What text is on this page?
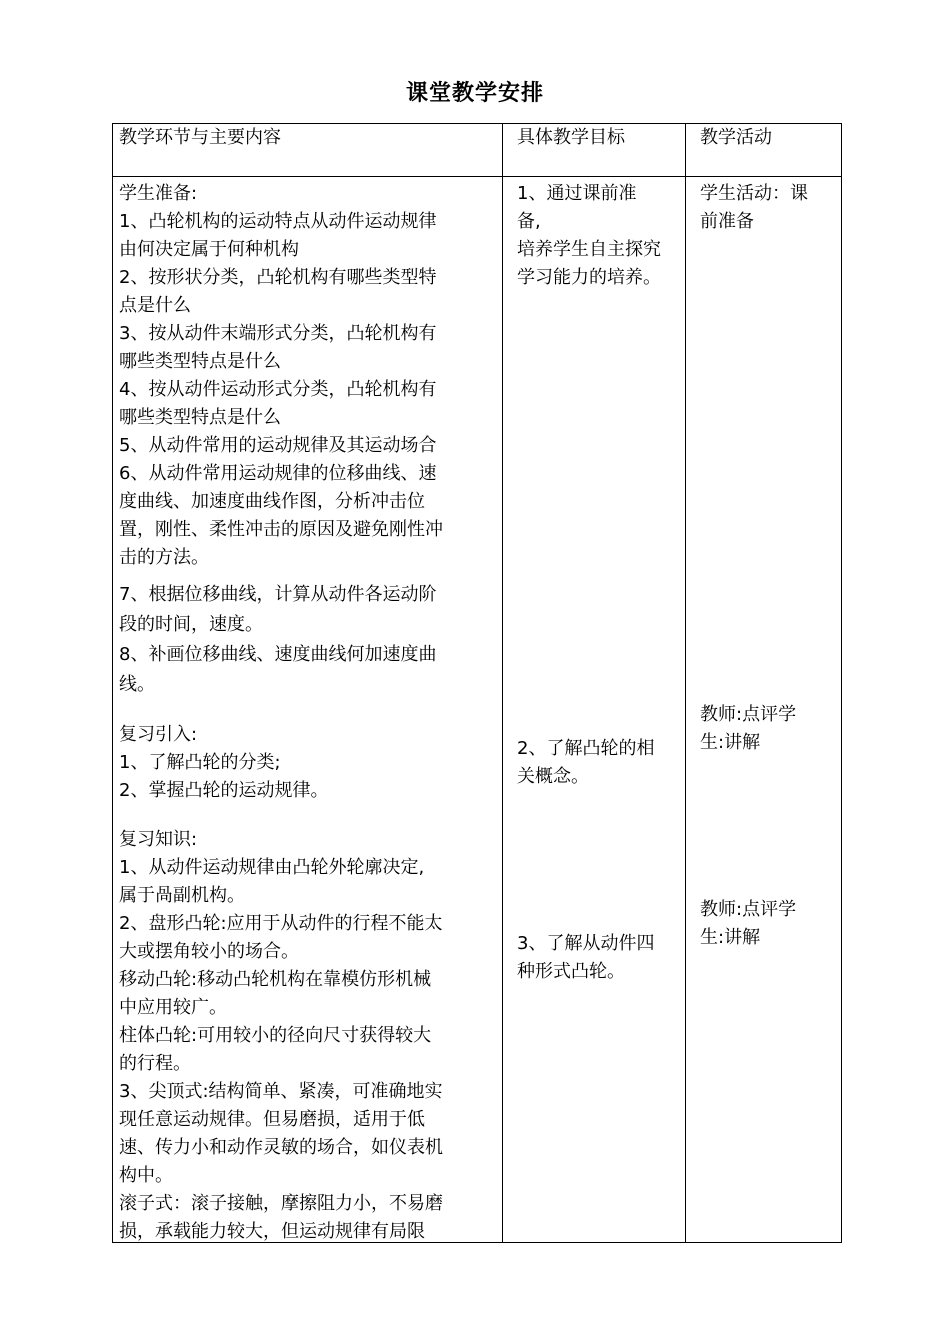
课堂教学安排
教学环节与主要内容	具体教学目标	教学活动
学生准备:
1、凸轮机构的运动特点从动件运动规律
由何决定属于何种机构
2、按形状分类，凸轮机构有哪些类型特
点是什么
3、按从动件末端形式分类，凸轮机构有
哪些类型特点是什么
4、按从动件运动形式分类，凸轮机构有
哪些类型特点是什么
5、从动件常用的运动规律及其运动场合
6、从动件常用运动规律的位移曲线、速
度曲线、加速度曲线作图，分析冲击位
置，刚性、柔性冲击的原因及避免刚性冲
击的方法。
7、根据位移曲线，计算从动件各运动阶
段的时间，速度。
8、补画位移曲线、速度曲线何加速度曲
线。
复习引入:
1、了解凸轮的分类;
2、掌握凸轮的运动规律。
复习知识:
1、从动件运动规律由凸轮外轮廓决定,
属于咼副机构。
2、盘形凸轮:应用于从动件的行程不能太
大或摆角较小的场合。
移动凸轮:移动凸轮机构在靠模仿形机械
中应用较广。
柱体凸轮:可用较小的径向尺寸获得较大
的行程。
3、尖顶式:结构简单、紧凑，可准确地实
现任意运动规律。但易磨损，适用于低
速、传力小和动作灵敏的场合，如仪表机
构中。
滚子式：滚子接触，摩擦阻力小，不易磨
损，承载能力较大，但运动规律有局限
1、通过课前准
备,
培养学生自主探究
学习能力的培养。
2、了解凸轮的相
关概念。
3、了解从动件四
种形式凸轮。
学生活动：课
前准备
教师:点评学
生:讲解
教师:点评学
生:讲解
